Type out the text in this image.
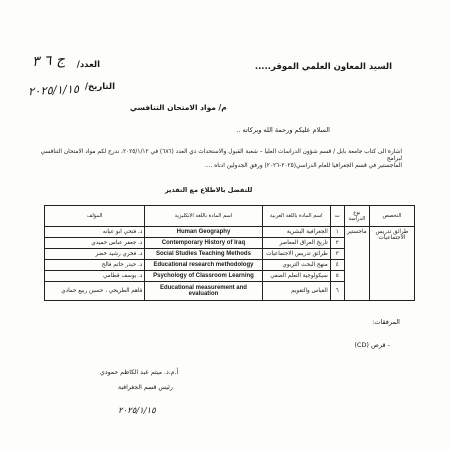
السيد المعاون العلمي الموقر.....
العدد/
ج ٦ ٣
التاريخ/
٢٠٢٥/١/١٥
م/ مواد الامتحان التنافسي
السلام عليكم ورحمة الله وبركاته ..
اشارة الى كتاب جامعة بابل / قسم شؤون الدراسات العليا – شعبة القبول والاستحداث ذي العدد (٦٨٦) في ٢٠٢٥/١/١٢، ندرج لكم مواد الامتحان التنافسي لبرامج
الماجستير في قسم الجغرافيا للعام الدراسي(٢٠٢٥-٢٠٢٦) ورفق الجدولين ادناه ....
للتفضل بالاطلاع مع التقدير
التخصص	نوع الدراسة	ت	اسم المادة باللغة العربية	اسم المادة باللغة الانكليزية	المؤلف
طرائق تدريس الاجتماعيات	ماجستير	١	الجغرافية البشرية	Human Geography	د. فتحي ابو عيانه
		٢	تاريخ العراق المعاصر	Contemporary History of Iraq	د. جعفر عباس حميدي
		٣	طرائق تدريس الاجتماعيات	Social Studies Teaching Methods	د. فخري رشيد خضر
		٤	منهج البحث التربوي	Educational research methodology	د. حيدر حاتم فالح
		٥	سيكولوجية التعلم الصفي	Psychology of Classroom Learning	د. يوسف قطامي
		٦	القياس والتقويم	Educational measurement and evaluation	قاهم الطريحي ، حسين ربيع حمادي
المرفقات:
- قرص (CD)
أ.م.د. ميثم عبد الكاظم حمودي
رئيس قسم الجغرافية
٢٠٢٥/١/١٥
